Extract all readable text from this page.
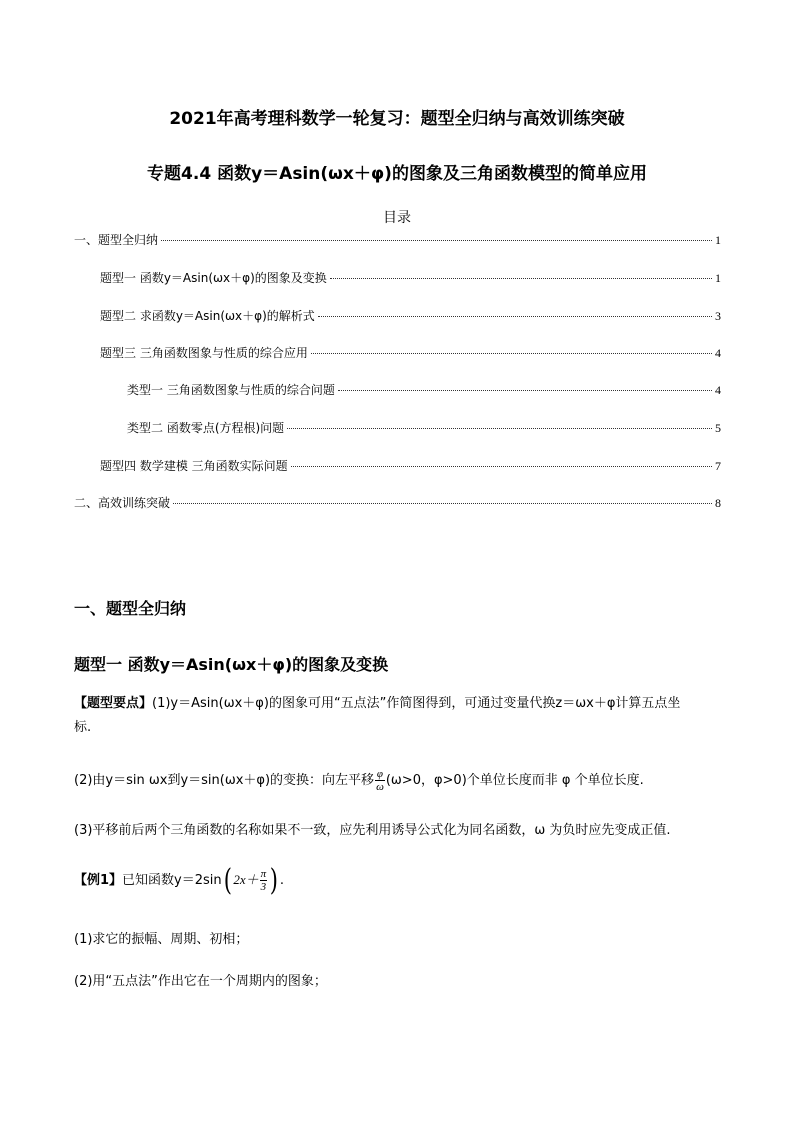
2021年高考理科数学一轮复习：题型全归纳与高效训练突破
专题4.4 函数y＝Asin(ωx＋φ)的图象及三角函数模型的简单应用
目录
一、题型全归纳	1
题型一 函数y＝Asin(ωx＋φ)的图象及变换	1
题型二 求函数y＝Asin(ωx＋φ)的解析式	3
题型三 三角函数图象与性质的综合应用	4
类型一 三角函数图象与性质的综合问题	4
类型二 函数零点(方程根)问题	5
题型四 数学建模 三角函数实际问题	7
二、高效训练突破	8
一、题型全归纳
题型一 函数y＝Asin(ωx＋φ)的图象及变换
【题型要点】(1)y＝Asin(ωx＋φ)的图象可用“五点法”作简图得到，可通过变量代换z＝ωx＋φ计算五点坐
标.
(2)由y＝sin ωx到y＝sin(ωx＋φ)的变换：向左平移 $\frac{\varphi}{\omega} (\omega>0$，φ>0)个单位长度而非 φ 个单位长度.
(3)平移前后两个三角函数的名称如果不一致，应先利用诱导公式化为同名函数，ω 为负时应先变成正值.
【例1】已知函数y＝2sin( $2x+ \frac{\pi}{3}$ ) .
(1)求它的振幅、周期、初相；
(2)用“五点法”作出它在一个周期内的图象；
